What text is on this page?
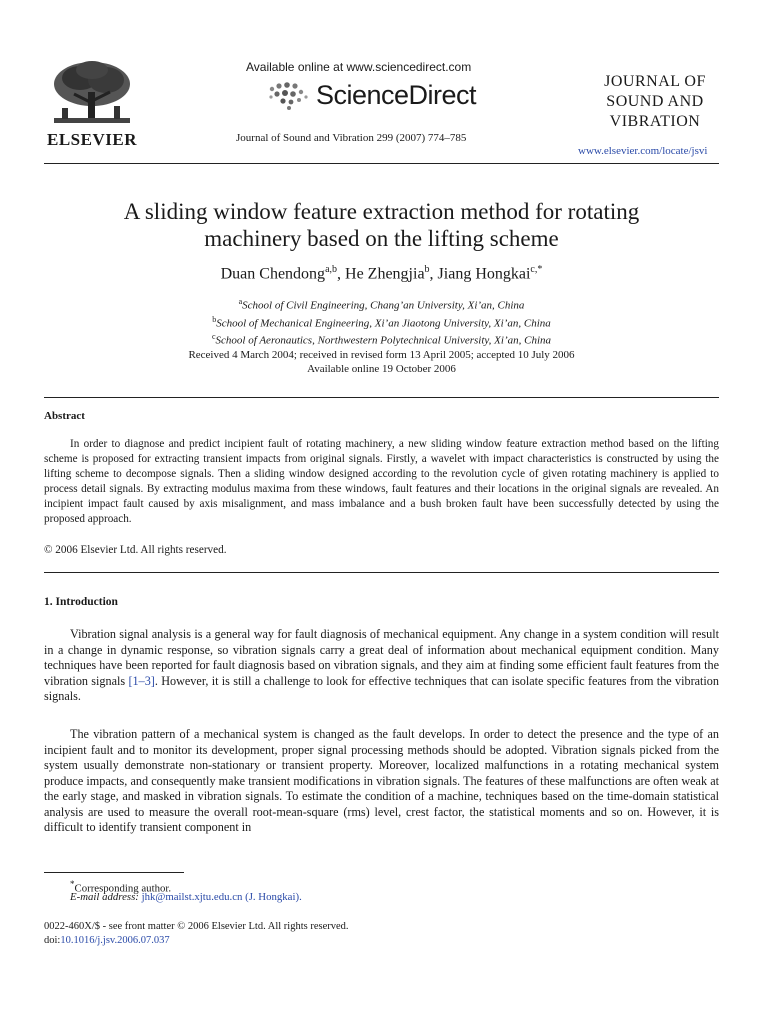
ELSEVIER
Available online at www.sciencedirect.com
ScienceDirect
Journal of Sound and Vibration 299 (2007) 774–785
JOURNAL OF
SOUND AND
VIBRATION
www.elsevier.com/locate/jsvi
A sliding window feature extraction method for rotating
machinery based on the lifting scheme
Duan Chendong$^{a,b}$, He Zhengjia$^b$, Jiang Hongkai$^{c,*}$
$^a$School of Civil Engineering, Chang’an University, Xi’an, China
$^b$School of Mechanical Engineering, Xi’an Jiaotong University, Xi’an, China
$^c$School of Aeronautics, Northwestern Polytechnical University, Xi’an, China
Received 4 March 2004; received in revised form 13 April 2005; accepted 10 July 2006
Available online 19 October 2006
Abstract
In order to diagnose and predict incipient fault of rotating machinery, a new sliding window feature extraction method based on the lifting scheme is proposed for extracting transient impacts from original signals. Firstly, a wavelet with impact characteristics is constructed by using the lifting scheme to decompose signals. Then a sliding window designed according to the revolution cycle of given rotating machinery is applied to process detail signals. By extracting modulus maxima from these windows, fault features and their locations in the original signals are revealed. An incipient impact fault caused by axis misalignment, and mass imbalance and a bush broken fault have been successfully detected by using the proposed approach.
© 2006 Elsevier Ltd. All rights reserved.
1. Introduction
Vibration signal analysis is a general way for fault diagnosis of mechanical equipment. Any change in a system condition will result in a change in dynamic response, so vibration signals carry a great deal of information about mechanical equipment condition. Many techniques have been reported for fault diagnosis based on vibration signals, and they aim at finding some efficient fault features from the vibration signals [1–3]. However, it is still a challenge to look for effective techniques that can isolate specific features from the vibration signals.
The vibration pattern of a mechanical system is changed as the fault develops. In order to detect the presence and the type of an incipient fault and to monitor its development, proper signal processing methods should be adopted. Vibration signals picked from the system usually demonstrate non-stationary or transient property. Moreover, localized malfunctions in a rotating mechanical system produce impacts, and consequently make transient modifications in vibration signals. The features of these malfunctions are often weak at the early stage, and masked in vibration signals. To estimate the condition of a machine, techniques based on the time-domain statistical analysis are used to measure the overall root-mean-square (rms) level, crest factor, the statistical moments and so on. However, it is difficult to identify transient component in
*Corresponding author.
E-mail address: jhk@mailst.xjtu.edu.cn (J. Hongkai).
0022-460X/$ - see front matter © 2006 Elsevier Ltd. All rights reserved.
doi:10.1016/j.jsv.2006.07.037
